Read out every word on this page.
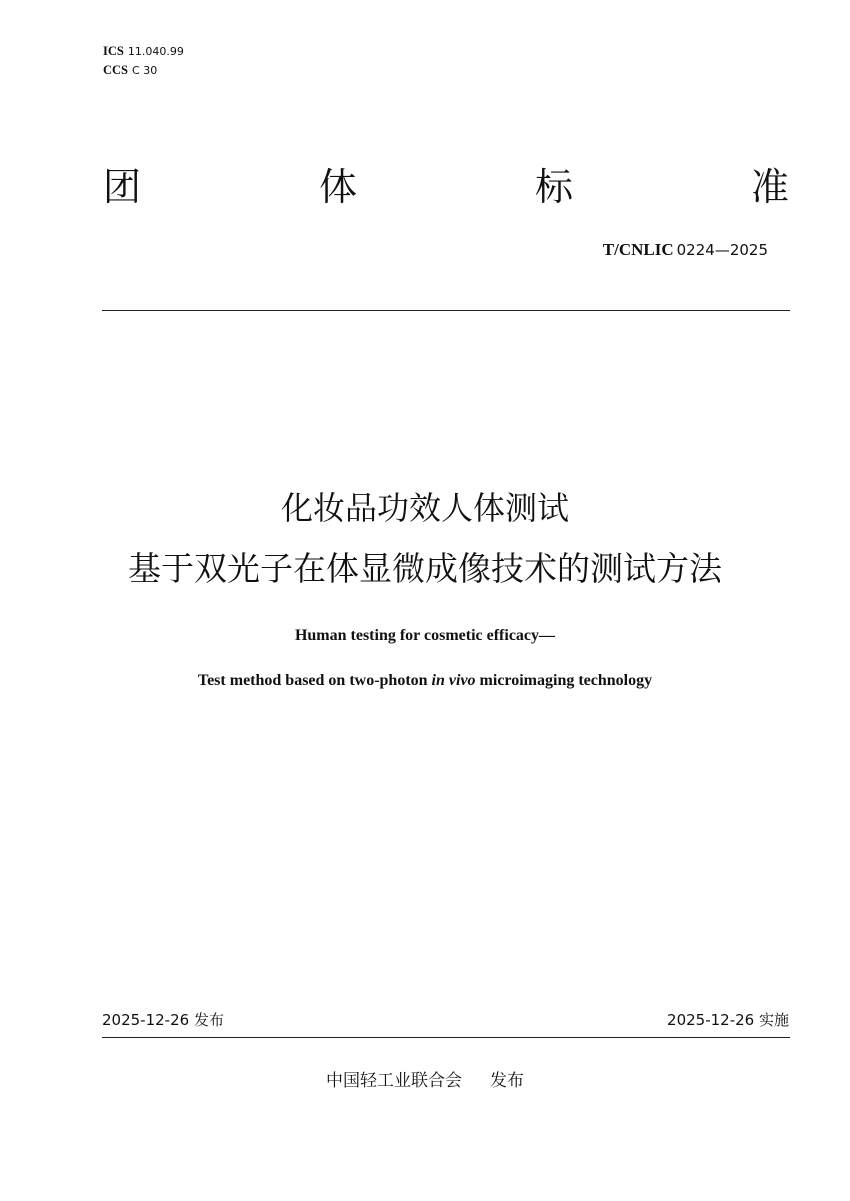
ICS 11.040.99
CCS C 30
团	体	标	准
T/CNLIC 0224—2025
化妆品功效人体测试
基于双光子在体显微成像技术的测试方法
Human testing for cosmetic efficacy—
Test method based on two-photon in vivo microimaging technology
2025-12-26 发布	2025-12-26 实施
中国轻工业联合会 发布
